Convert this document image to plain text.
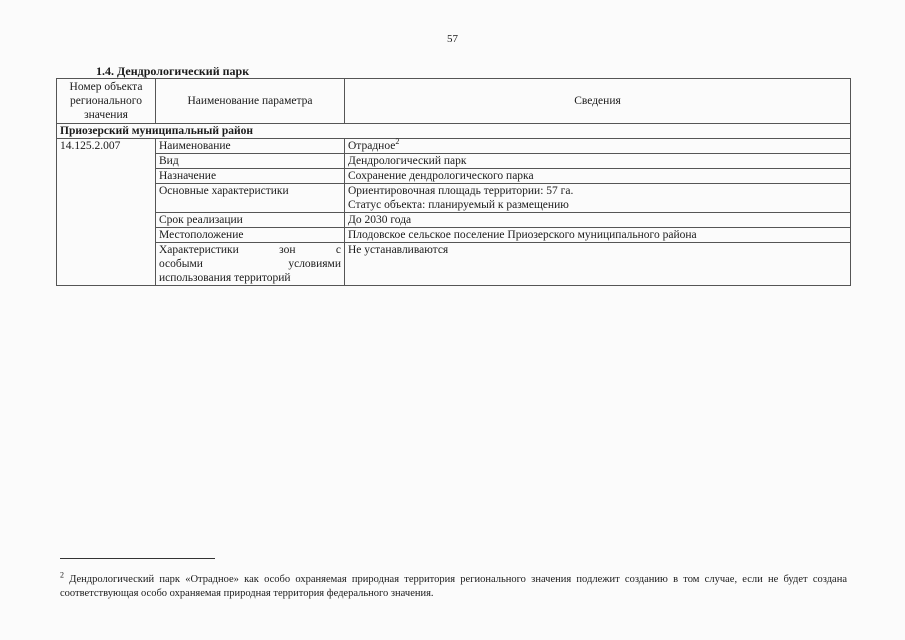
57
1.4. Дендрологический парк
Номер объекта регионального значения	Наименование параметра	Сведения
Приозерский муниципальный район		
14.125.2.007	Наименование	Отрадное$^2$
	Вид	Дендрологический парк
	Назначение	Сохранение дендрологического парка
	Основные характеристики	Ориентировочная площадь территории: 57 га.
Статус объекта: планируемый к размещению

	Срок реализации	До 2030 года
	Местоположение	Плодовское сельское поселение Приозерского муниципального района

	Характеристики зон с
особыми условиями
использования территорий	Не устанавливаются
$^2$ Дендрологический парк «Отрадное» как особо охраняемая природная территория регионального значения подлежит созданию в том случае, если не будет создана соответствующая особо охраняемая природная территория федерального значения.
